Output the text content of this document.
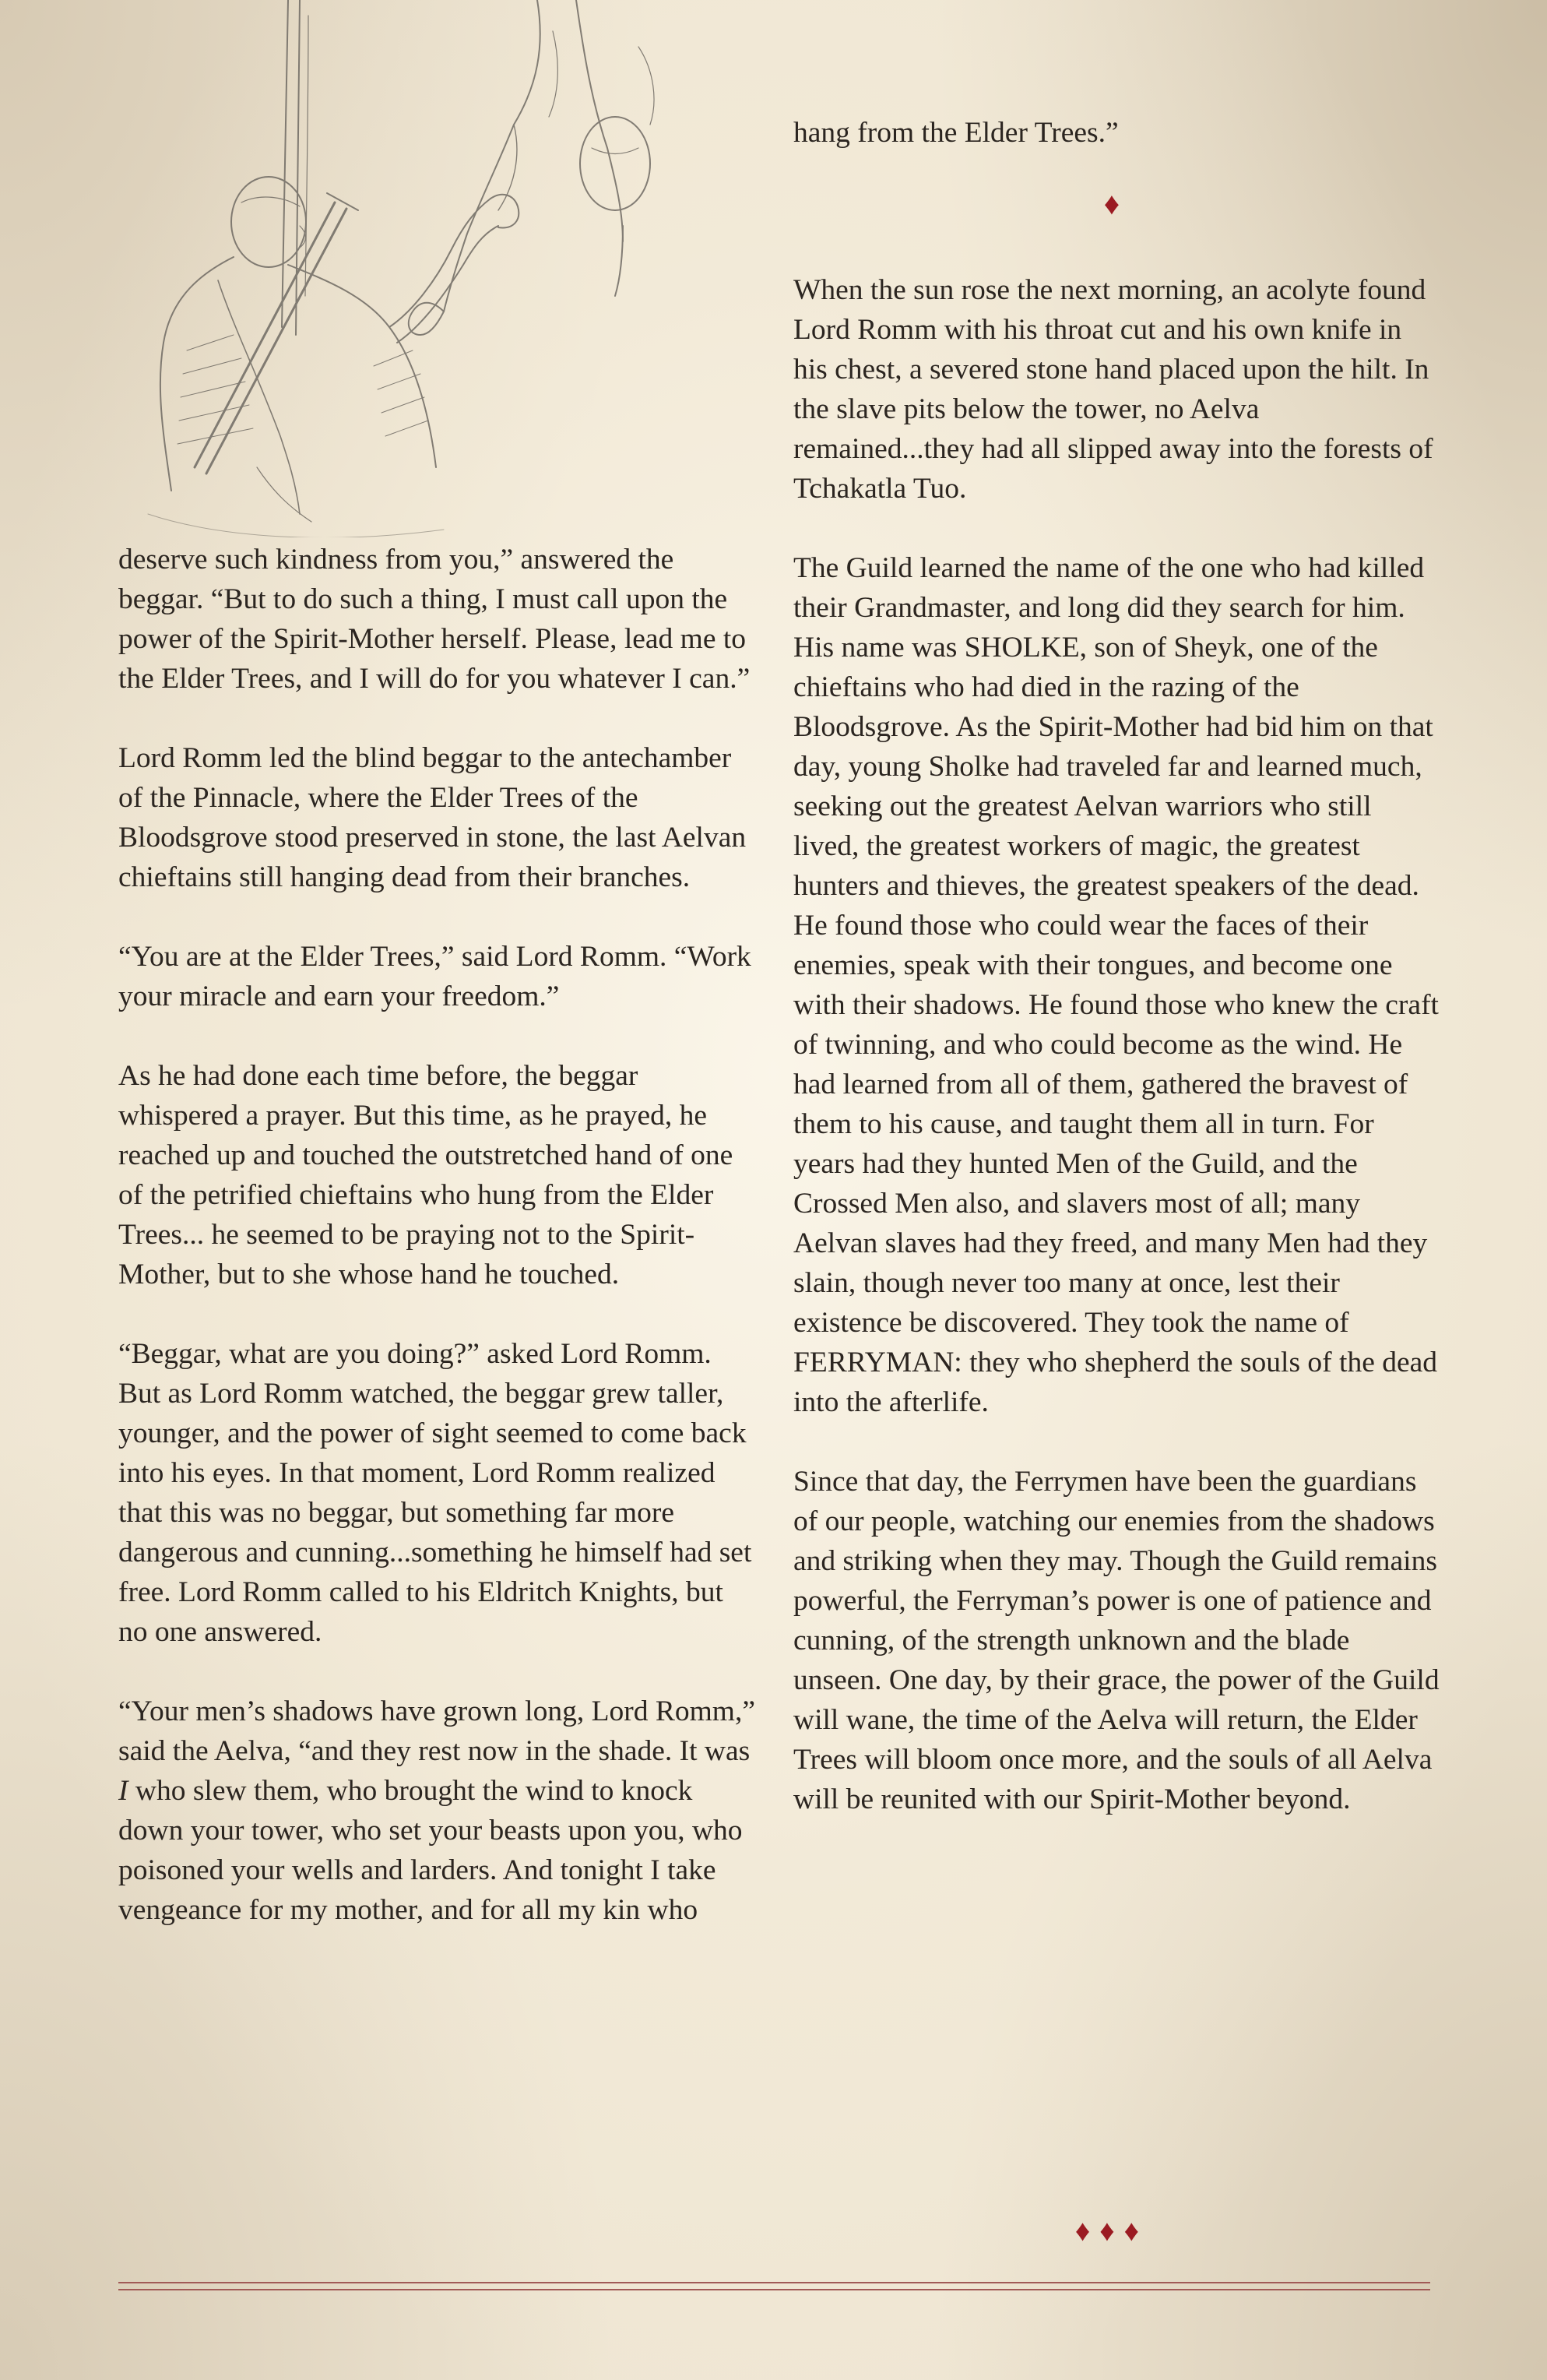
hang from the Elder Trees.”

♦

When the sun rose the next morning, an acolyte found Lord Romm with his throat cut and his own knife in his chest, a severed stone hand placed upon the hilt. In the slave pits below the tower, no Aelva remained...they had all slipped away into the forests of Tchakatla Tuo.

The Guild learned the name of the one who had killed their Grandmaster, and long did they search for him. His name was SHOLKE, son of Sheyk, one of the chieftains who had died in the razing of the Bloodsgrove. As the Spirit-Mother had bid him on that day, young Sholke had traveled far and learned much, seeking out the greatest Aelvan warriors who still lived, the greatest workers of magic, the greatest hunters and thieves, the greatest speakers of the dead. He found those who could wear the faces of their enemies, speak with their tongues, and become one with their shadows. He found those who knew the craft of twinning, and who could become as the wind. He had learned from all of them, gathered the bravest of them to his cause, and taught them all in turn. For years had they hunted Men of the Guild, and the Crossed Men also, and slavers most of all; many Aelvan slaves had they freed, and many Men had they slain, though never too many at once, lest their existence be discovered. They took the name of FERRYMAN: they who shepherd the souls of the dead into the afterlife.

Since that day, the Ferrymen have been the guardians of our people, watching our enemies from the shadows and striking when they may. Though the Guild remains powerful, the Ferryman’s power is one of patience and cunning, of the strength unknown and the blade unseen. One day, by their grace, the power of the Guild will wane, the time of the Aelva will return, the Elder Trees will bloom once more, and the souls of all Aelva will be reunited with our Spirit-Mother beyond.

♦♦♦

deserve such kindness from you,” answered the beggar. “But to do such a thing, I must call upon the power of the Spirit-Mother herself. Please, lead me to the Elder Trees, and I will do for you whatever I can.”

Lord Romm led the blind beggar to the antechamber of the Pinnacle, where the Elder Trees of the Bloodsgrove stood preserved in stone, the last Aelvan chieftains still hanging dead from their branches.

“You are at the Elder Trees,” said Lord Romm. “Work your miracle and earn your freedom.”

As he had done each time before, the beggar whispered a prayer. But this time, as he prayed, he reached up and touched the outstretched hand of one of the petrified chieftains who hung from the Elder Trees... he seemed to be praying not to the Spirit-Mother, but to she whose hand he touched.

“Beggar, what are you doing?” asked Lord Romm. But as Lord Romm watched, the beggar grew taller, younger, and the power of sight seemed to come back into his eyes. In that moment, Lord Romm realized that this was no beggar, but something far more dangerous and cunning...something he himself had set free. Lord Romm called to his Eldritch Knights, but no one answered.

“Your men’s shadows have grown long, Lord Romm,” said the Aelva, “and they rest now in the shade. It was I who slew them, who brought the wind to knock down your tower, who set your beasts upon you, who poisoned your wells and larders. And tonight I take vengeance for my mother, and for all my kin who
